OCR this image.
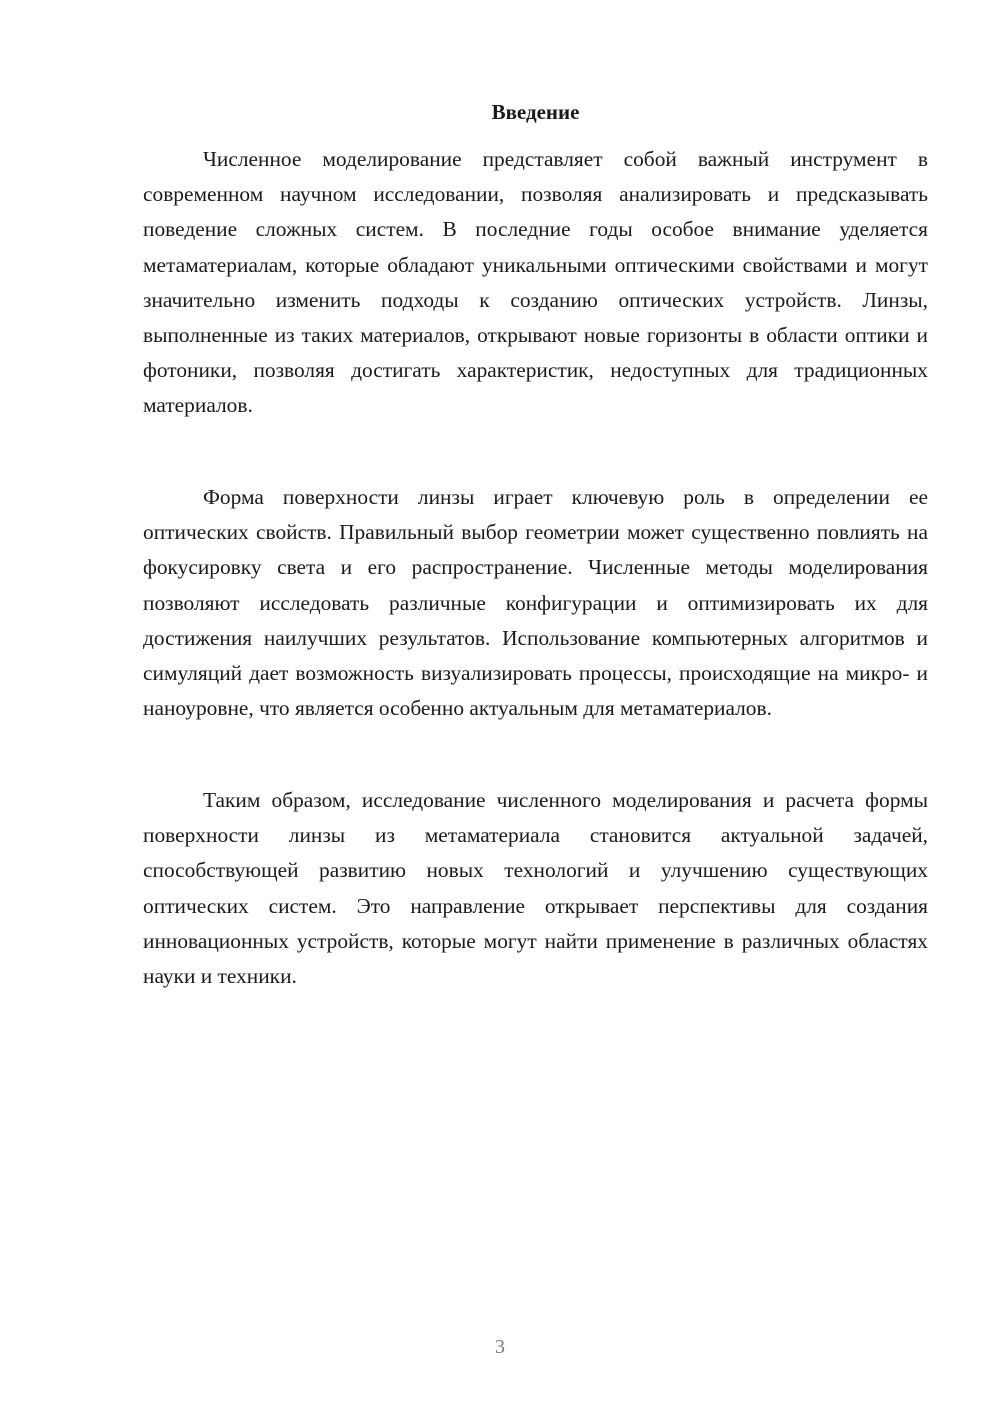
Введение

Численное моделирование представляет собой важный инструмент в современном научном исследовании, позволяя анализировать и предсказывать поведение сложных систем. В последние годы особое внимание уделяется метаматериалам, которые обладают уникальными оптическими свойствами и могут значительно изменить подходы к созданию оптических устройств. Линзы, выполненные из таких материалов, открывают новые горизонты в области оптики и фотоники, позволяя достигать характеристик, недоступных для традиционных материалов.

Форма поверхности линзы играет ключевую роль в определении ее оптических свойств. Правильный выбор геометрии может существенно повлиять на фокусировку света и его распространение. Численные методы моделирования позволяют исследовать различные конфигурации и оптимизировать их для достижения наилучших результатов. Использование компьютерных алгоритмов и симуляций дает возможность визуализировать процессы, происходящие на микро- и наноуровне, что является особенно актуальным для метаматериалов.

Таким образом, исследование численного моделирования и расчета формы поверхности линзы из метаматериала становится актуальной задачей, способствующей развитию новых технологий и улучшению существующих оптических систем. Это направление открывает перспективы для создания инновационных устройств, которые могут найти применение в различных областях науки и техники.

3
